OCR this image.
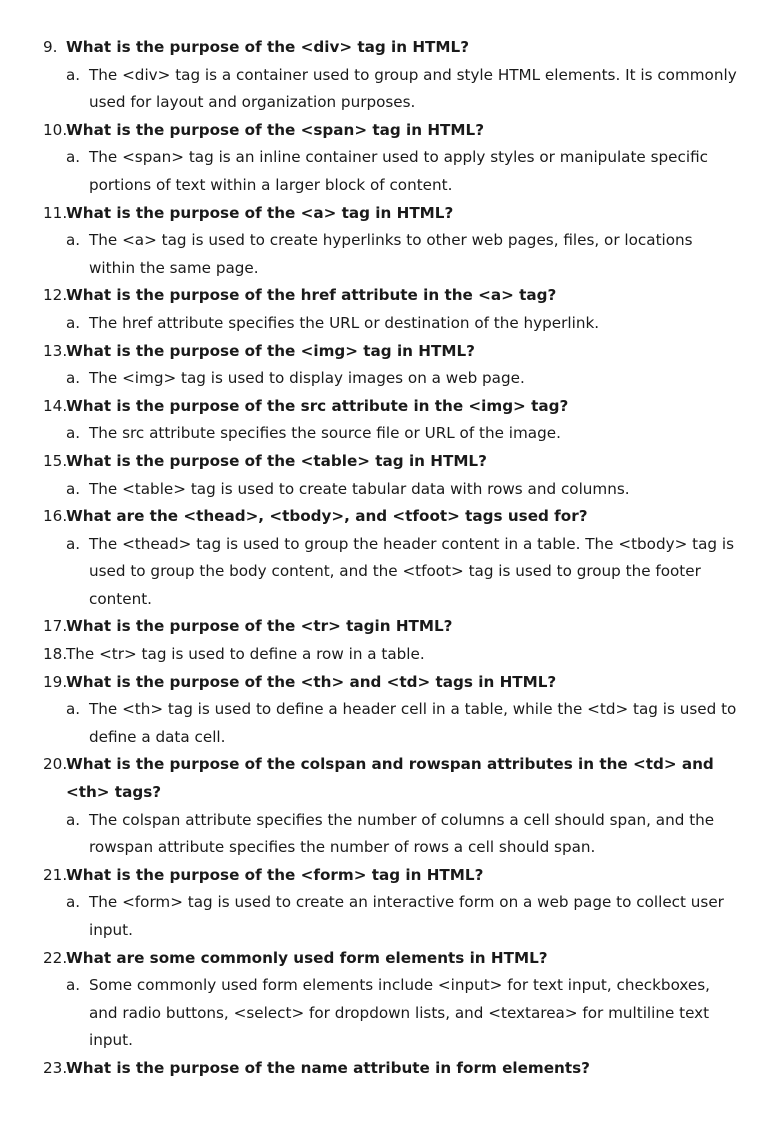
9. What is the purpose of the <div> tag in HTML?
a. The <div> tag is a container used to group and style HTML elements. It is commonly used for layout and organization purposes.
10.
What is the purpose of the <span> tag in HTML?
a. The <span> tag is an inline container used to apply styles or manipulate specific portions of text within a larger block of content.
11.
What is the purpose of the <a> tag in HTML?
a. The <a> tag is used to create hyperlinks to other web pages, files, or locations within the same page.
12.
What is the purpose of the href attribute in the <a> tag?
a. The href attribute specifies the URL or destination of the hyperlink.
13.
What is the purpose of the <img> tag in HTML?
a. The <img> tag is used to display images on a web page.
14.
What is the purpose of the src attribute in the <img> tag?
a. The src attribute specifies the source file or URL of the image.
15.
What is the purpose of the <table> tag in HTML?
a. The <table> tag is used to create tabular data with rows and columns.
16.
What are the <thead>, <tbody>, and <tfoot> tags used for?
a. The <thead> tag is used to group the header content in a table. The <tbody> tag is used to group the body content, and the <tfoot> tag is used to group the footer content.
17.
What is the purpose of the <tr> tagin HTML?
18.
The <tr> tag is used to define a row in a table.
19.
What is the purpose of the <th> and <td> tags in HTML?
a. The <th> tag is used to define a header cell in a table, while the <td> tag is used to define a data cell.
20.
What is the purpose of the colspan and rowspan attributes in the <td> and <th> tags?
a. The colspan attribute specifies the number of columns a cell should span, and the rowspan attribute specifies the number of rows a cell should span.
21.
What is the purpose of the <form> tag in HTML?
a. The <form> tag is used to create an interactive form on a web page to collect user input.
22.
What are some commonly used form elements in HTML?
a. Some commonly used form elements include <input> for text input, checkboxes, and radio buttons, <select> for dropdown lists, and <textarea> for multiline text input.
23.
What is the purpose of the name attribute in form elements?
